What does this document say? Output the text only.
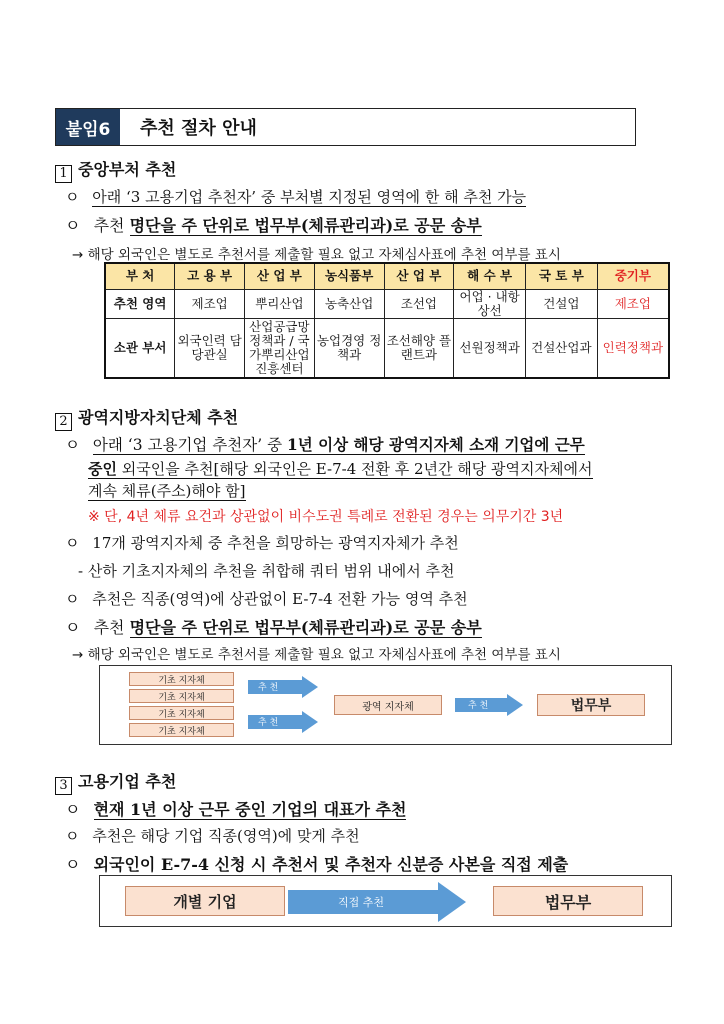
붙임6	추천 절차 안내
1 중앙부처 추천
ㅇ 아래 ‘3 고용기업 추천자’ 중 부처별 지정된 영역에 한 해 추천 가능
ㅇ 추천 명단을 주 단위로 법무부(체류관리과)로 공문 송부
→ 해당 외국인은 별도로 추천서를 제출할 필요 없고 자체심사표에 추천 여부를 표시
부 처	고 용 부	산 업 부	농식품부	산 업 부	해 수 부	국 토 부	중기부
추천 영역	제조업	뿌리산업	농축산업	조선업	어업 · 내항상선	건설업	제조업
소관 부서	외국인력 담당관실	산업공급망 정책과 / 국가뿌리산업 진흥센터	농업경영 정책과	조선해양 플랜트과	선원정책과	건설산업과	인력정책과
2 광역지방자치단체 추천
ㅇ 아래 ‘3 고용기업 추천자’ 중 1년 이상 해당 광역지자체 소재 기업에 근무
중인 외국인을 추천[해당 외국인은 E-7-4 전환 후 2년간 해당 광역지자체에서
계속 체류(주소)해야 함]
※ 단, 4년 체류 요건과 상관없이 비수도권 특례로 전환된 경우는 의무기간 3년
ㅇ 17개 광역지자체 중 추천을 희망하는 광역지자체가 추천
- 산하 기초지자체의 추천을 취합해 쿼터 범위 내에서 추천
ㅇ 추천은 직종(영역)에 상관없이 E-7-4 전환 가능 영역 추천
ㅇ 추천 명단을 주 단위로 법무부(체류관리과)로 공문 송부
→ 해당 외국인은 별도로 추천서를 제출할 필요 없고 자체심사표에 추천 여부를 표시
기초 지자체
기초 지자체
기초 지자체
기초 지자체
추 천
추 천
광역 지자체	추 천	법무부
3 고용기업 추천
ㅇ 현재 1년 이상 근무 중인 기업의 대표가 추천
ㅇ 추천은 해당 기업 직종(영역)에 맞게 추천
ㅇ 외국인이 E-7-4 신청 시 추천서 및 추천자 신분증 사본을 직접 제출
개별 기업	직접 추천	법무부
